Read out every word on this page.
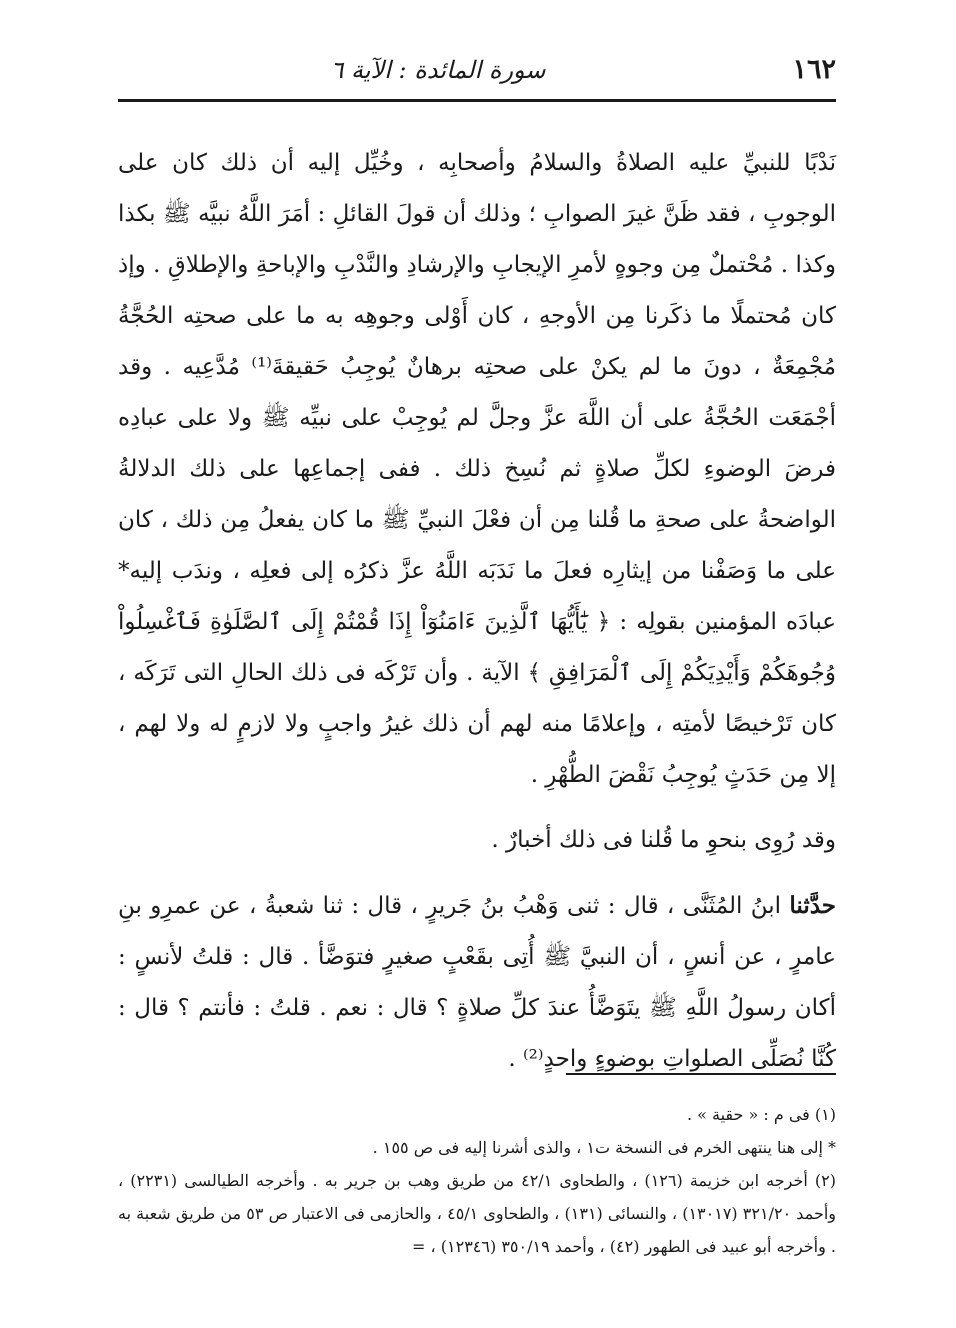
١٦٢
سورة المائدة : الآية ٦

نَدْبًا للنبيِّ عليه الصلاةُ والسلامُ وأصحابِه ، وخُيِّل إليه أن ذلك كان على الوجوبِ ، فقد ظَنَّ غيرَ الصوابِ ؛ وذلك أن قولَ القائلِ : أمَرَ اللَّهُ نبيَّه ﷺ بكذا وكذا . مُحْتملٌ مِن وجوهٍ لأمرِ الإيجابِ والإرشادِ والنَّدْبِ والإباحةِ والإطلاقِ . وإذ كان مُحتملًا ما ذكَرنا مِن الأوجهِ ، كان أَوْلى وجوهِه به ما على صحتِه الحُجَّةُ مُجْمِعَةٌ ، دونَ ما لم يكنْ على صحتِه برهانٌ يُوجِبُ حَقيقةَ⁽¹⁾ مُدَّعِيه . وقد أجْمَعَت الحُجَّةُ على أن اللَّهَ عزَّ وجلَّ لم يُوجِبْ على نبيِّه ﷺ ولا على عبادِه فرضَ الوضوءِ لكلِّ صلاةٍ ثم نُسِخ ذلك . ففى إجماعِها على ذلك الدلالةُ الواضحةُ على صحةِ ما قُلنا مِن أن فعْلَ النبيِّ ﷺ ما كان يفعلُ مِن ذلك ، كان على ما وَصَفْنا من إيثارِه فعلَ ما نَدَبَه اللَّهُ عزَّ ذكرُه إلى فعلِه ، وندَب إليه* عبادَه المؤمنين بقولِه : ﴿ يَٰٓأَيُّهَا ٱلَّذِينَ ءَامَنُوٓاْ إِذَا قُمْتُمْ إِلَى ٱلصَّلَوٰةِ فَٱغْسِلُواْ وُجُوهَكُمْ وَأَيْدِيَكُمْ إِلَى ٱلْمَرَافِقِ ﴾ الآية . وأن تَرْكَه فى ذلك الحالِ التى تَرَكَه ، كان تَرْخيصًا لأمتِه ، وإعلامًا منه لهم أن ذلك غيرُ واجبٍ ولا لازمٍ له ولا لهم ، إلا مِن حَدَثٍ يُوجِبُ نَقْضَ الطُّهْرِ .

وقد رُوِى بنحوِ ما قُلنا فى ذلك أخبارٌ .

حدَّثنا ابنُ المُثَنَّى ، قال : ثنى وَهْبُ بنُ جَريرٍ ، قال : ثنا شعبةُ ، عن عمرِو بنِ عامرٍ ، عن أنسٍ ، أن النبيَّ ﷺ أُتِى بقَعْبٍ صغيرٍ فتوَضَّأ . قال : قلتُ لأنسٍ : أكان رسولُ اللَّهِ ﷺ يتَوَضَّأُ عندَ كلِّ صلاةٍ ؟ قال : نعم . قلتُ : فأنتم ؟ قال : كُنَّا نُصَلِّى الصلواتِ بوضوءٍ واحدٍ⁽²⁾ .

(١) فى م : « حقية » .

* إلى هنا ينتهى الخرم فى النسخة ت١ ، والذى أشرنا إليه فى ص ١٥٥ .

(٢) أخرجه ابن خزيمة (١٢٦) ، والطحاوى ٤٢/١ من طريق وهب بن جرير به . وأخرجه الطيالسى (٢٢٣١) ، وأحمد ٣٢١/٢٠ (١٣٠١٧) ، والنسائى (١٣١) ، والطحاوى ٤٥/١ ، والحازمى فى الاعتبار ص ٥٣ من طريق شعبة به . وأخرجه أبو عبيد فى الطهور (٤٢) ، وأحمد ٣٥٠/١٩ (١٢٣٤٦) ، =
